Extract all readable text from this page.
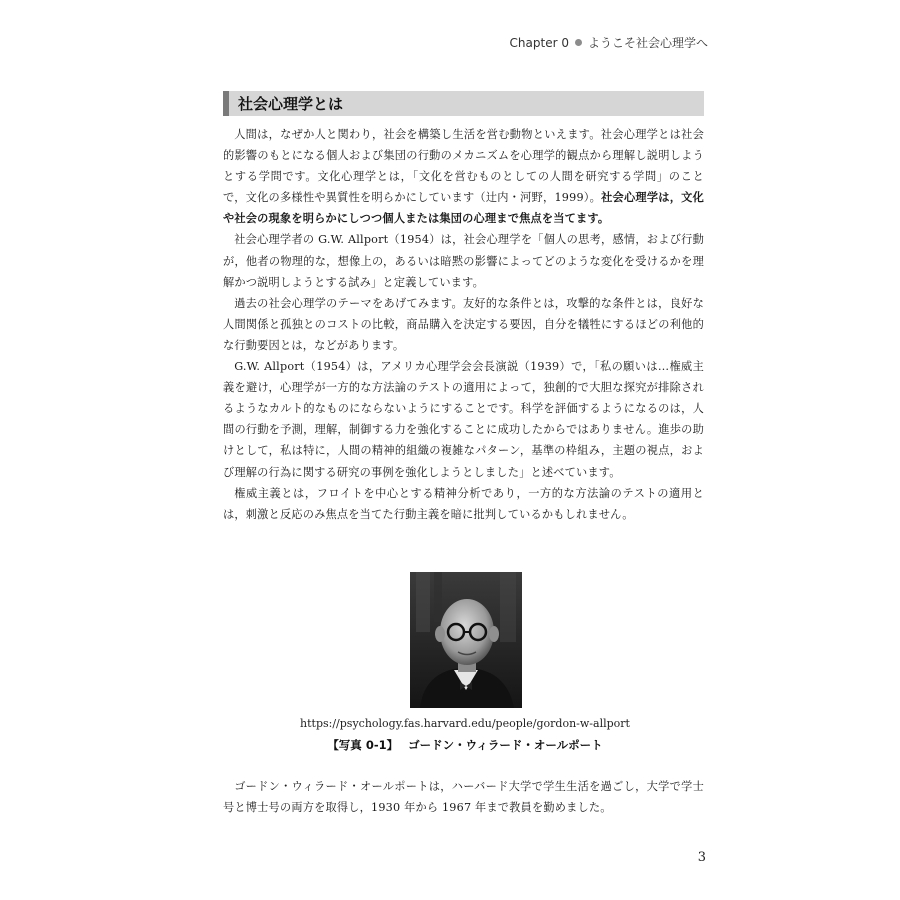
Chapter 0 ようこそ社会心理学へ
社会心理学とは

人間は，なぜか人と関わり，社会を構築し生活を営む動物といえます。社会心理学とは社会的影響のもとになる個人および集団の行動のメカニズムを心理学的観点から理解し説明しようとする学問です。文化心理学とは，「文化を営むものとしての人間を研究する学問」のことで，文化の多様性や異質性を明らかにしています（辻内・河野，1999）。社会心理学は，文化や社会の現象を明らかにしつつ個人または集団の心理まで焦点を当てます。

社会心理学者の G.W. Allport（1954）は，社会心理学を「個人の思考，感情，および行動が，他者の物理的な，想像上の，あるいは暗黙の影響によってどのような変化を受けるかを理解かつ説明しようとする試み」と定義しています。

過去の社会心理学のテーマをあげてみます。友好的な条件とは，攻撃的な条件とは，良好な人間関係と孤独とのコストの比較，商品購入を決定する要因，自分を犠牲にするほどの利他的な行動要因とは，などがあります。

G.W. Allport（1954）は，アメリカ心理学会会長演説（1939）で，「私の願いは…権威主義を避け，心理学が一方的な方法論のテストの適用によって，独創的で大胆な探究が排除されるようなカルト的なものにならないようにすることです。科学を評価するようになるのは，人間の行動を予測，理解，制御する力を強化することに成功したからではありません。進歩の助けとして，私は特に，人間の精神的組織の複雑なパターン，基準の枠組み，主題の視点，および理解の行為に関する研究の事例を強化しようとしました」と述べています。

権威主義とは，フロイトを中心とする精神分析であり，一方的な方法論のテストの適用とは，刺激と反応のみ焦点を当てた行動主義を暗に批判しているかもしれません。

https://psychology.fas.harvard.edu/people/gordon-w-allport
【写真 0-1】 ゴードン・ウィラード・オールポート

ゴードン・ウィラード・オールポートは，ハーバード大学で学生生活を過ごし，大学で学士号と博士号の両方を取得し，1930 年から 1967 年まで教員を勤めました。

3
